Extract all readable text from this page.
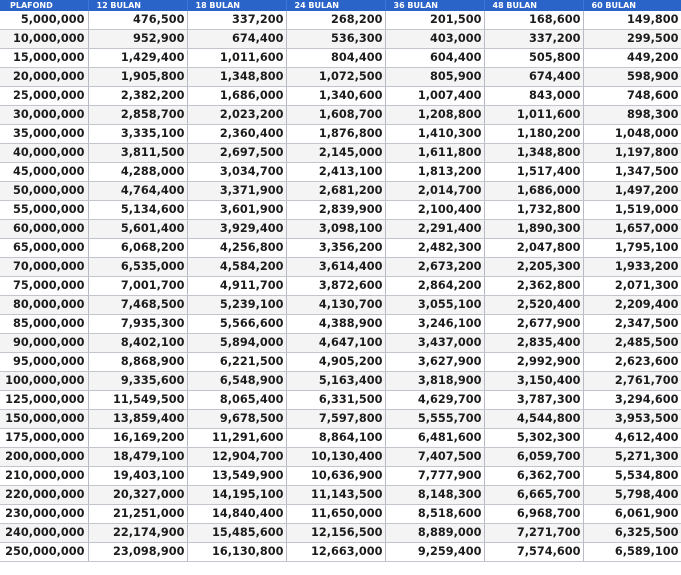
PLAFOND	12 BULAN	18 BULAN	24 BULAN	36 BULAN	48 BULAN	60 BULAN
5,000,000	476,500	337,200	268,200	201,500	168,600	149,800
10,000,000	952,900	674,400	536,300	403,000	337,200	299,500
15,000,000	1,429,400	1,011,600	804,400	604,400	505,800	449,200
20,000,000	1,905,800	1,348,800	1,072,500	805,900	674,400	598,900
25,000,000	2,382,200	1,686,000	1,340,600	1,007,400	843,000	748,600
30,000,000	2,858,700	2,023,200	1,608,700	1,208,800	1,011,600	898,300
35,000,000	3,335,100	2,360,400	1,876,800	1,410,300	1,180,200	1,048,000
40,000,000	3,811,500	2,697,500	2,145,000	1,611,800	1,348,800	1,197,800
45,000,000	4,288,000	3,034,700	2,413,100	1,813,200	1,517,400	1,347,500
50,000,000	4,764,400	3,371,900	2,681,200	2,014,700	1,686,000	1,497,200
55,000,000	5,134,600	3,601,900	2,839,900	2,100,400	1,732,800	1,519,000
60,000,000	5,601,400	3,929,400	3,098,100	2,291,400	1,890,300	1,657,000
65,000,000	6,068,200	4,256,800	3,356,200	2,482,300	2,047,800	1,795,100
70,000,000	6,535,000	4,584,200	3,614,400	2,673,200	2,205,300	1,933,200
75,000,000	7,001,700	4,911,700	3,872,600	2,864,200	2,362,800	2,071,300
80,000,000	7,468,500	5,239,100	4,130,700	3,055,100	2,520,400	2,209,400
85,000,000	7,935,300	5,566,600	4,388,900	3,246,100	2,677,900	2,347,500
90,000,000	8,402,100	5,894,000	4,647,100	3,437,000	2,835,400	2,485,500
95,000,000	8,868,900	6,221,500	4,905,200	3,627,900	2,992,900	2,623,600
100,000,000	9,335,600	6,548,900	5,163,400	3,818,900	3,150,400	2,761,700
125,000,000	11,549,500	8,065,400	6,331,500	4,629,700	3,787,300	3,294,600
150,000,000	13,859,400	9,678,500	7,597,800	5,555,700	4,544,800	3,953,500
175,000,000	16,169,200	11,291,600	8,864,100	6,481,600	5,302,300	4,612,400
200,000,000	18,479,100	12,904,700	10,130,400	7,407,500	6,059,700	5,271,300
210,000,000	19,403,100	13,549,900	10,636,900	7,777,900	6,362,700	5,534,800
220,000,000	20,327,000	14,195,100	11,143,500	8,148,300	6,665,700	5,798,400
230,000,000	21,251,000	14,840,400	11,650,000	8,518,600	6,968,700	6,061,900
240,000,000	22,174,900	15,485,600	12,156,500	8,889,000	7,271,700	6,325,500
250,000,000	23,098,900	16,130,800	12,663,000	9,259,400	7,574,600	6,589,100
